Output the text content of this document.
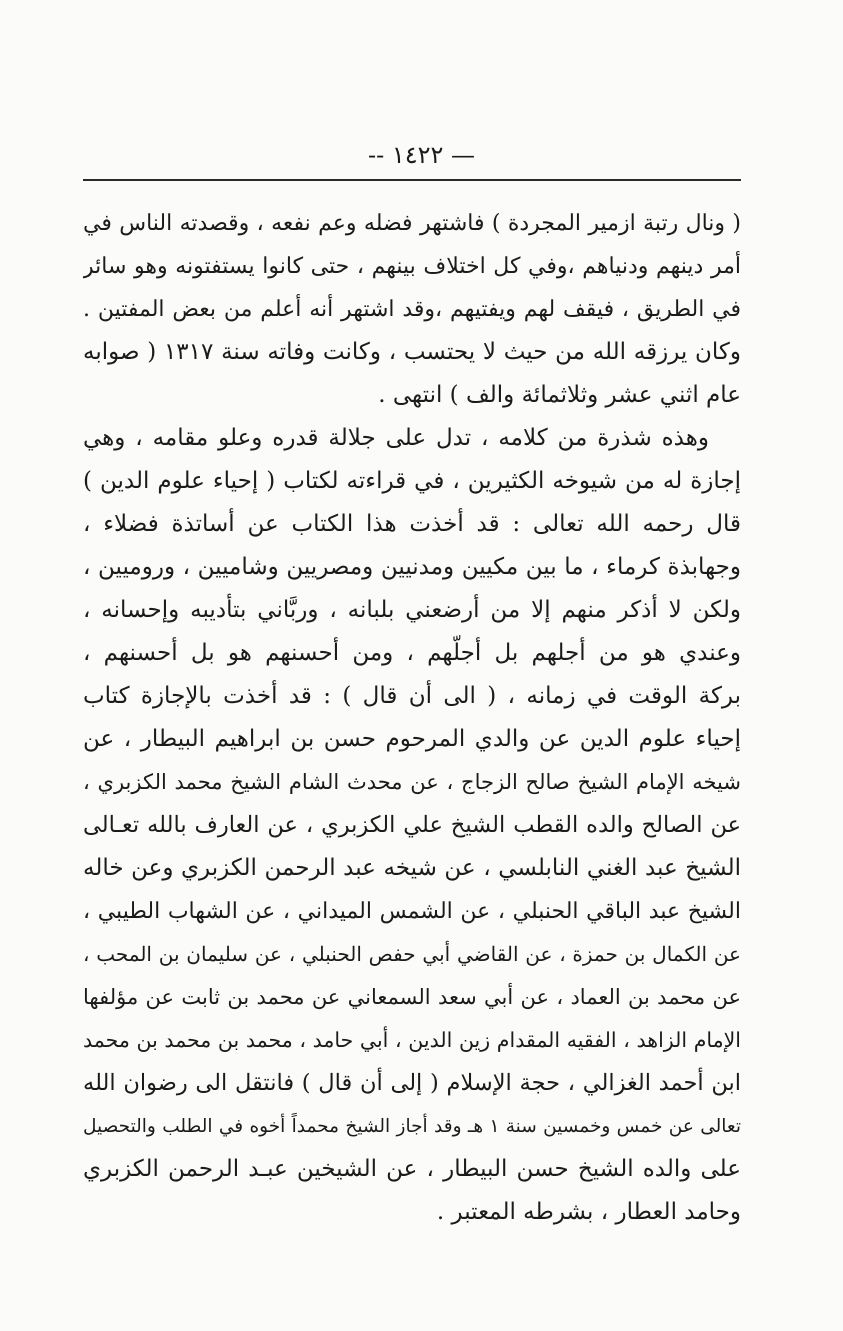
— ١٤٢٢ --
( ونال رتبة ازمير المجردة ) فاشتهر فضله وعم نفعه ، وقصدته الناس في
أمر دينهم ودنياهم ،وفي كل اختلاف بينهم ، حتى كانوا يستفتونه وهو سائر
في الطريق ، فيقف لهم ويفتيهم ،وقد اشتهر أنه أعلم من بعض المفتين .
وكان يرزقه الله من حيث لا يحتسب ، وكانت وفاته سنة ١٣١٧ ( صوابه
عام اثني عشر وثلاثمائة والف ) انتهى .
وهذه شذرة من كلامه ، تدل على جلالة قدره وعلو مقامه ، وهي
إجازة له من شيوخه الكثيرين ، في قراءته لكتاب ( إحياء علوم الدين )
قال رحمه الله تعالى : قد أخذت هذا الكتاب عن أساتذة فضلاء ،
وجهابذة كرماء ، ما بين مكيين ومدنيين ومصريين وشاميين ، وروميين ،
ولكن لا أذكر منهم إلا من أرضعني بلبانه ، وربَّاني بتأديبه وإحسانه ،
وعندي هو من أجلهم بل أجلّهم ، ومن أحسنهم هو بل أحسنهم ،
بركة الوقت في زمانه ، ( الى أن قال ) : قد أخذت بالإجازة كتاب
إحياء علوم الدين عن والدي المرحوم حسن بن ابراهيم البيطار ، عن
شيخه الإمام الشيخ صالح الزجاج ، عن محدث الشام الشيخ محمد الكزبري ،
عن الصالح والده القطب الشيخ علي الكزبري ، عن العارف بالله تعـالى
الشيخ عبد الغني النابلسي ، عن شيخه عبد الرحمن الكزبري وعن خاله
الشيخ عبد الباقي الحنبلي ، عن الشمس الميداني ، عن الشهاب الطيبي ،
عن الكمال بن حمزة ، عن القاضي أبي حفص الحنبلي ، عن سليمان بن المحب ،
عن محمد بن العماد ، عن أبي سعد السمعاني عن محمد بن ثابت عن مؤلفها
الإمام الزاهد ، الفقيه المقدام زين الدين ، أبي حامد ، محمد بن محمد بن محمد
ابن أحمد الغزالي ، حجة الإسلام ( إلى أن قال ) فانتقل الى رضوان الله
تعالى عن خمس وخمسين سنة ١ هـ وقد أجاز الشيخ محمداً أخوه في الطلب والتحصيل
على والده الشيخ حسن البيطار ، عن الشيخين عبـد الرحمن الكزبري
وحامد العطار ، بشرطه المعتبر .
